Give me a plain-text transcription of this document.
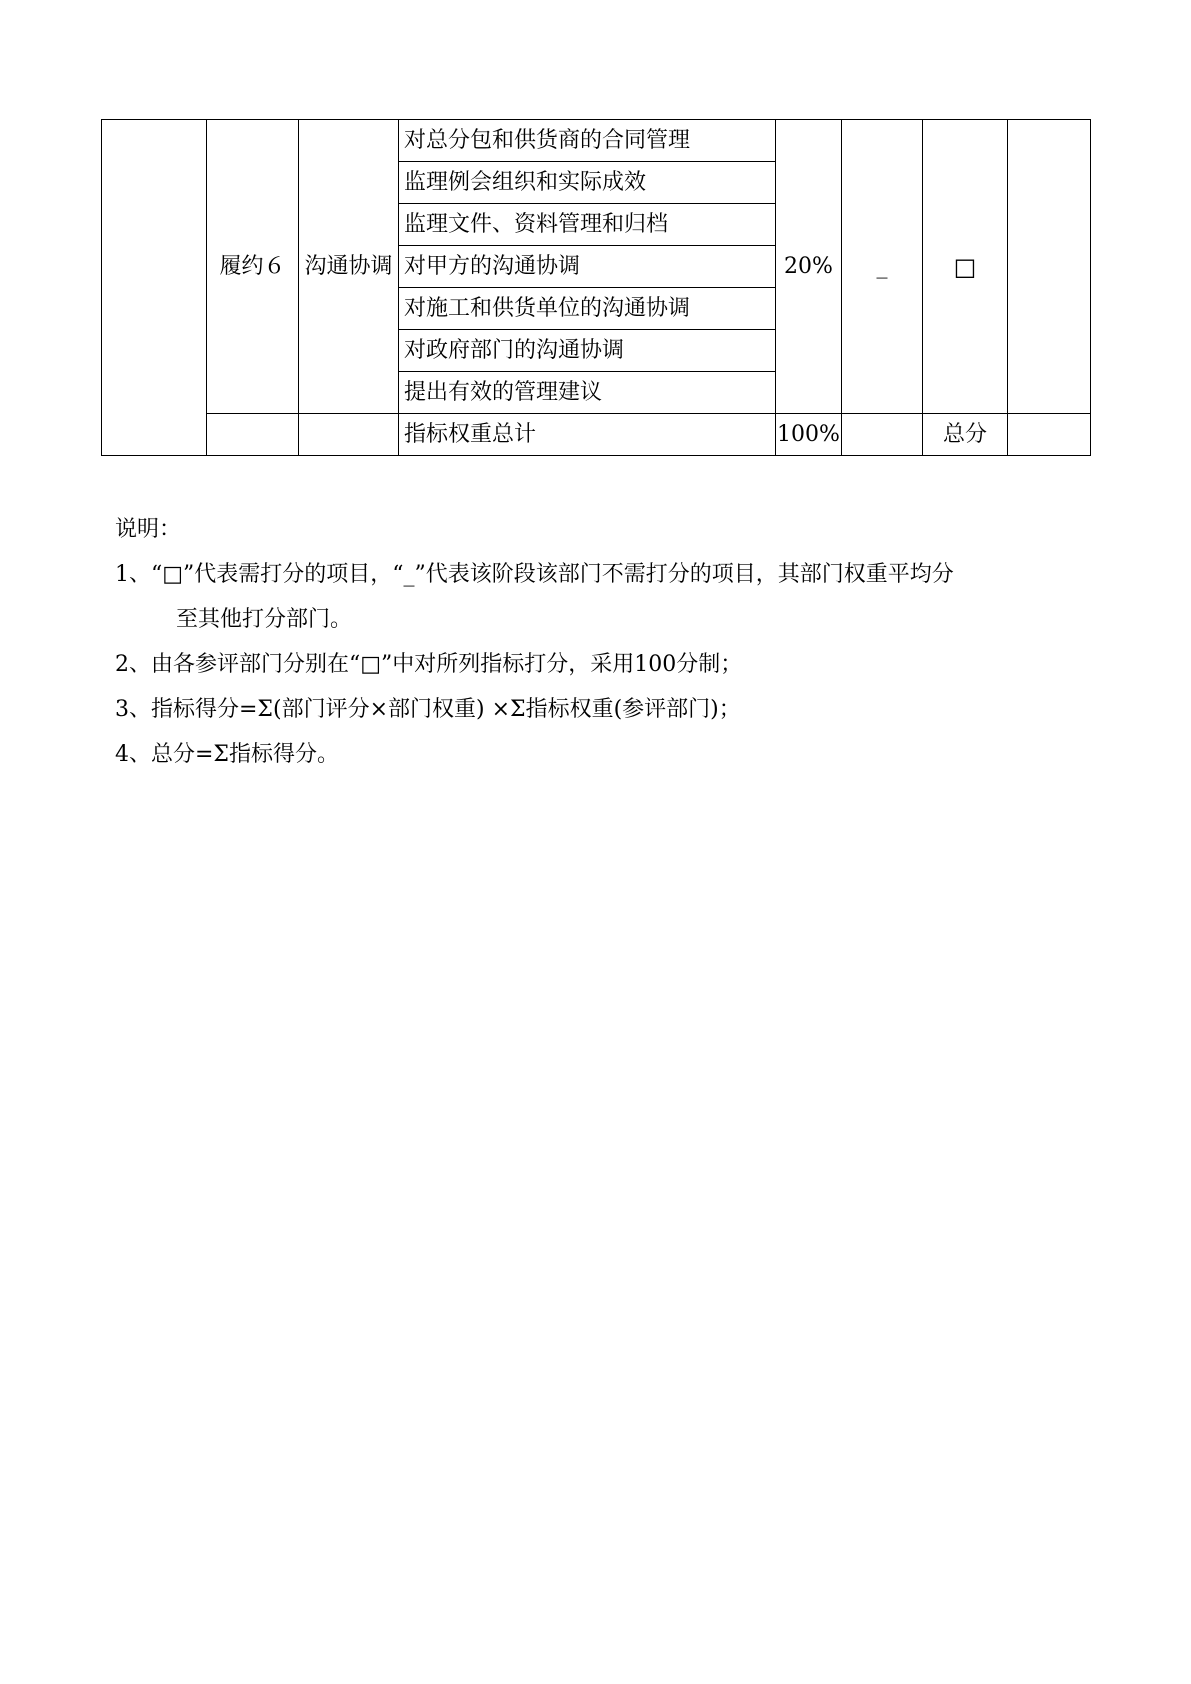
	履约６	沟通协调	对总分包和供货商的合同管理	20%	_	□	
			监理例会组织和实际成效				
			监理文件、资料管理和归档				
			对甲方的沟通协调				
			对施工和供货单位的沟通协调				
			对政府部门的沟通协调				
			提出有效的管理建议				
			指标权重总计	100%		总分	
说明：
1、“□”代表需打分的项目，“_”代表该阶段该部门不需打分的项目，其部门权重平均分
至其他打分部门。
2、由各参评部门分别在“□”中对所列指标打分，采用100分制；
3、指标得分=Σ(部门评分×部门权重) ×Σ指标权重(参评部门)；
4、总分=Σ指标得分。
